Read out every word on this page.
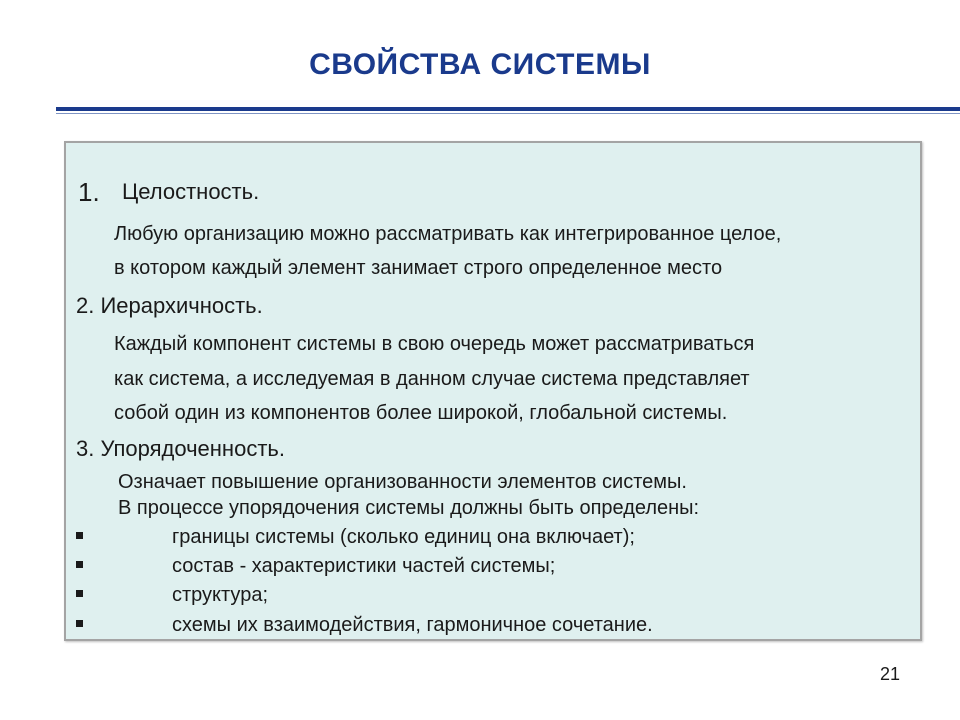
СВОЙСТВА СИСТЕМЫ
1. Целостность.
Любую организацию можно рассматривать как интегрированное целое,
в котором каждый элемент занимает строго определенное место
2. Иерархичность.
Каждый компонент системы в свою очередь может рассматриваться
как система, а исследуемая в данном случае система представляет
собой один из компонентов более широкой, глобальной системы.
3. Упорядоченность.
Означает повышение организованности элементов системы.
В процессе упорядочения системы должны быть определены:
границы системы (сколько единиц она включает);
состав - характеристики частей системы;
структура;
схемы их взаимодействия, гармоничное сочетание.
21
